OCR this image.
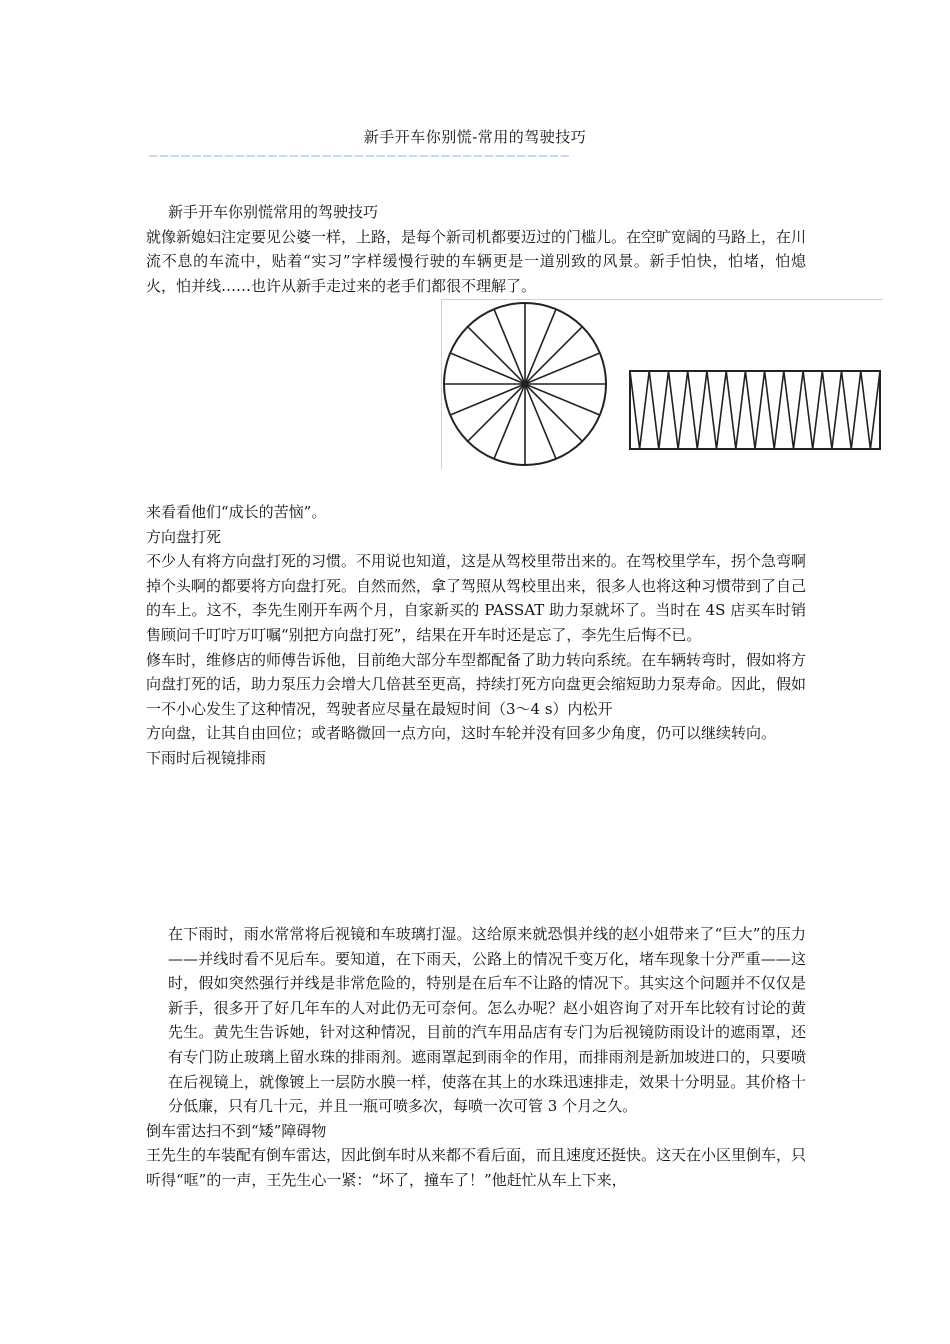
新手开车你别慌-常用的驾驶技巧
———————————————————————————————————————

新手开车你别慌常用的驾驶技巧

就像新媳妇注定要见公婆一样，上路，是每个新司机都要迈过的门槛儿。在空旷宽阔的马路上，在川流不息的车流中，贴着“实习”字样缓慢行驶的车辆更是一道别致的风景。新手怕快，怕堵，怕熄火，怕并线……也许从新手走过来的老手们都很不理解了。

来看看他们“成长的苦恼”。

方向盘打死

不少人有将方向盘打死的习惯。不用说也知道，这是从驾校里带出来的。在驾校里学车，拐个急弯啊掉个头啊的都要将方向盘打死。自然而然，拿了驾照从驾校里出来，很多人也将这种习惯带到了自己的车上。这不，李先生刚开车两个月，自家新买的 PASSAT 助力泵就坏了。当时在 4S 店买车时销售顾问千叮咛万叮嘱“别把方向盘打死”，结果在开车时还是忘了，李先生后悔不已。

修车时，维修店的师傅告诉他，目前绝大部分车型都配备了助力转向系统。在车辆转弯时，假如将方向盘打死的话，助力泵压力会增大几倍甚至更高，持续打死方向盘更会缩短助力泵寿命。因此，假如一不小心发生了这种情况，驾驶者应尽量在最短时间（3～4 s）内松开

方向盘，让其自由回位；或者略微回一点方向，这时车轮并没有回多少角度，仍可以继续转向。

下雨时后视镜排雨

在下雨时，雨水常常将后视镜和车玻璃打湿。这给原来就恐惧并线的赵小姐带来了“巨大”的压力——并线时看不见后车。要知道，在下雨天，公路上的情况千变万化，堵车现象十分严重——这时，假如突然强行并线是非常危险的，特别是在后车不让路的情况下。其实这个问题并不仅仅是新手，很多开了好几年车的人对此仍无可奈何。怎么办呢？赵小姐咨询了对开车比较有讨论的黄先生。黄先生告诉她，针对这种情况，目前的汽车用品店有专门为后视镜防雨设计的遮雨罩，还有专门防止玻璃上留水珠的排雨剂。遮雨罩起到雨伞的作用，而排雨剂是新加坡进口的，只要喷在后视镜上，就像镀上一层防水膜一样，使落在其上的水珠迅速排走，效果十分明显。其价格十分低廉，只有几十元，并且一瓶可喷多次，每喷一次可管 3 个月之久。

倒车雷达扫不到“矮”障碍物

王先生的车装配有倒车雷达，因此倒车时从来都不看后面，而且速度还挺快。这天在小区里倒车，只听得“哐”的一声，王先生心一紧：“坏了，撞车了！”他赶忙从车上下来，
